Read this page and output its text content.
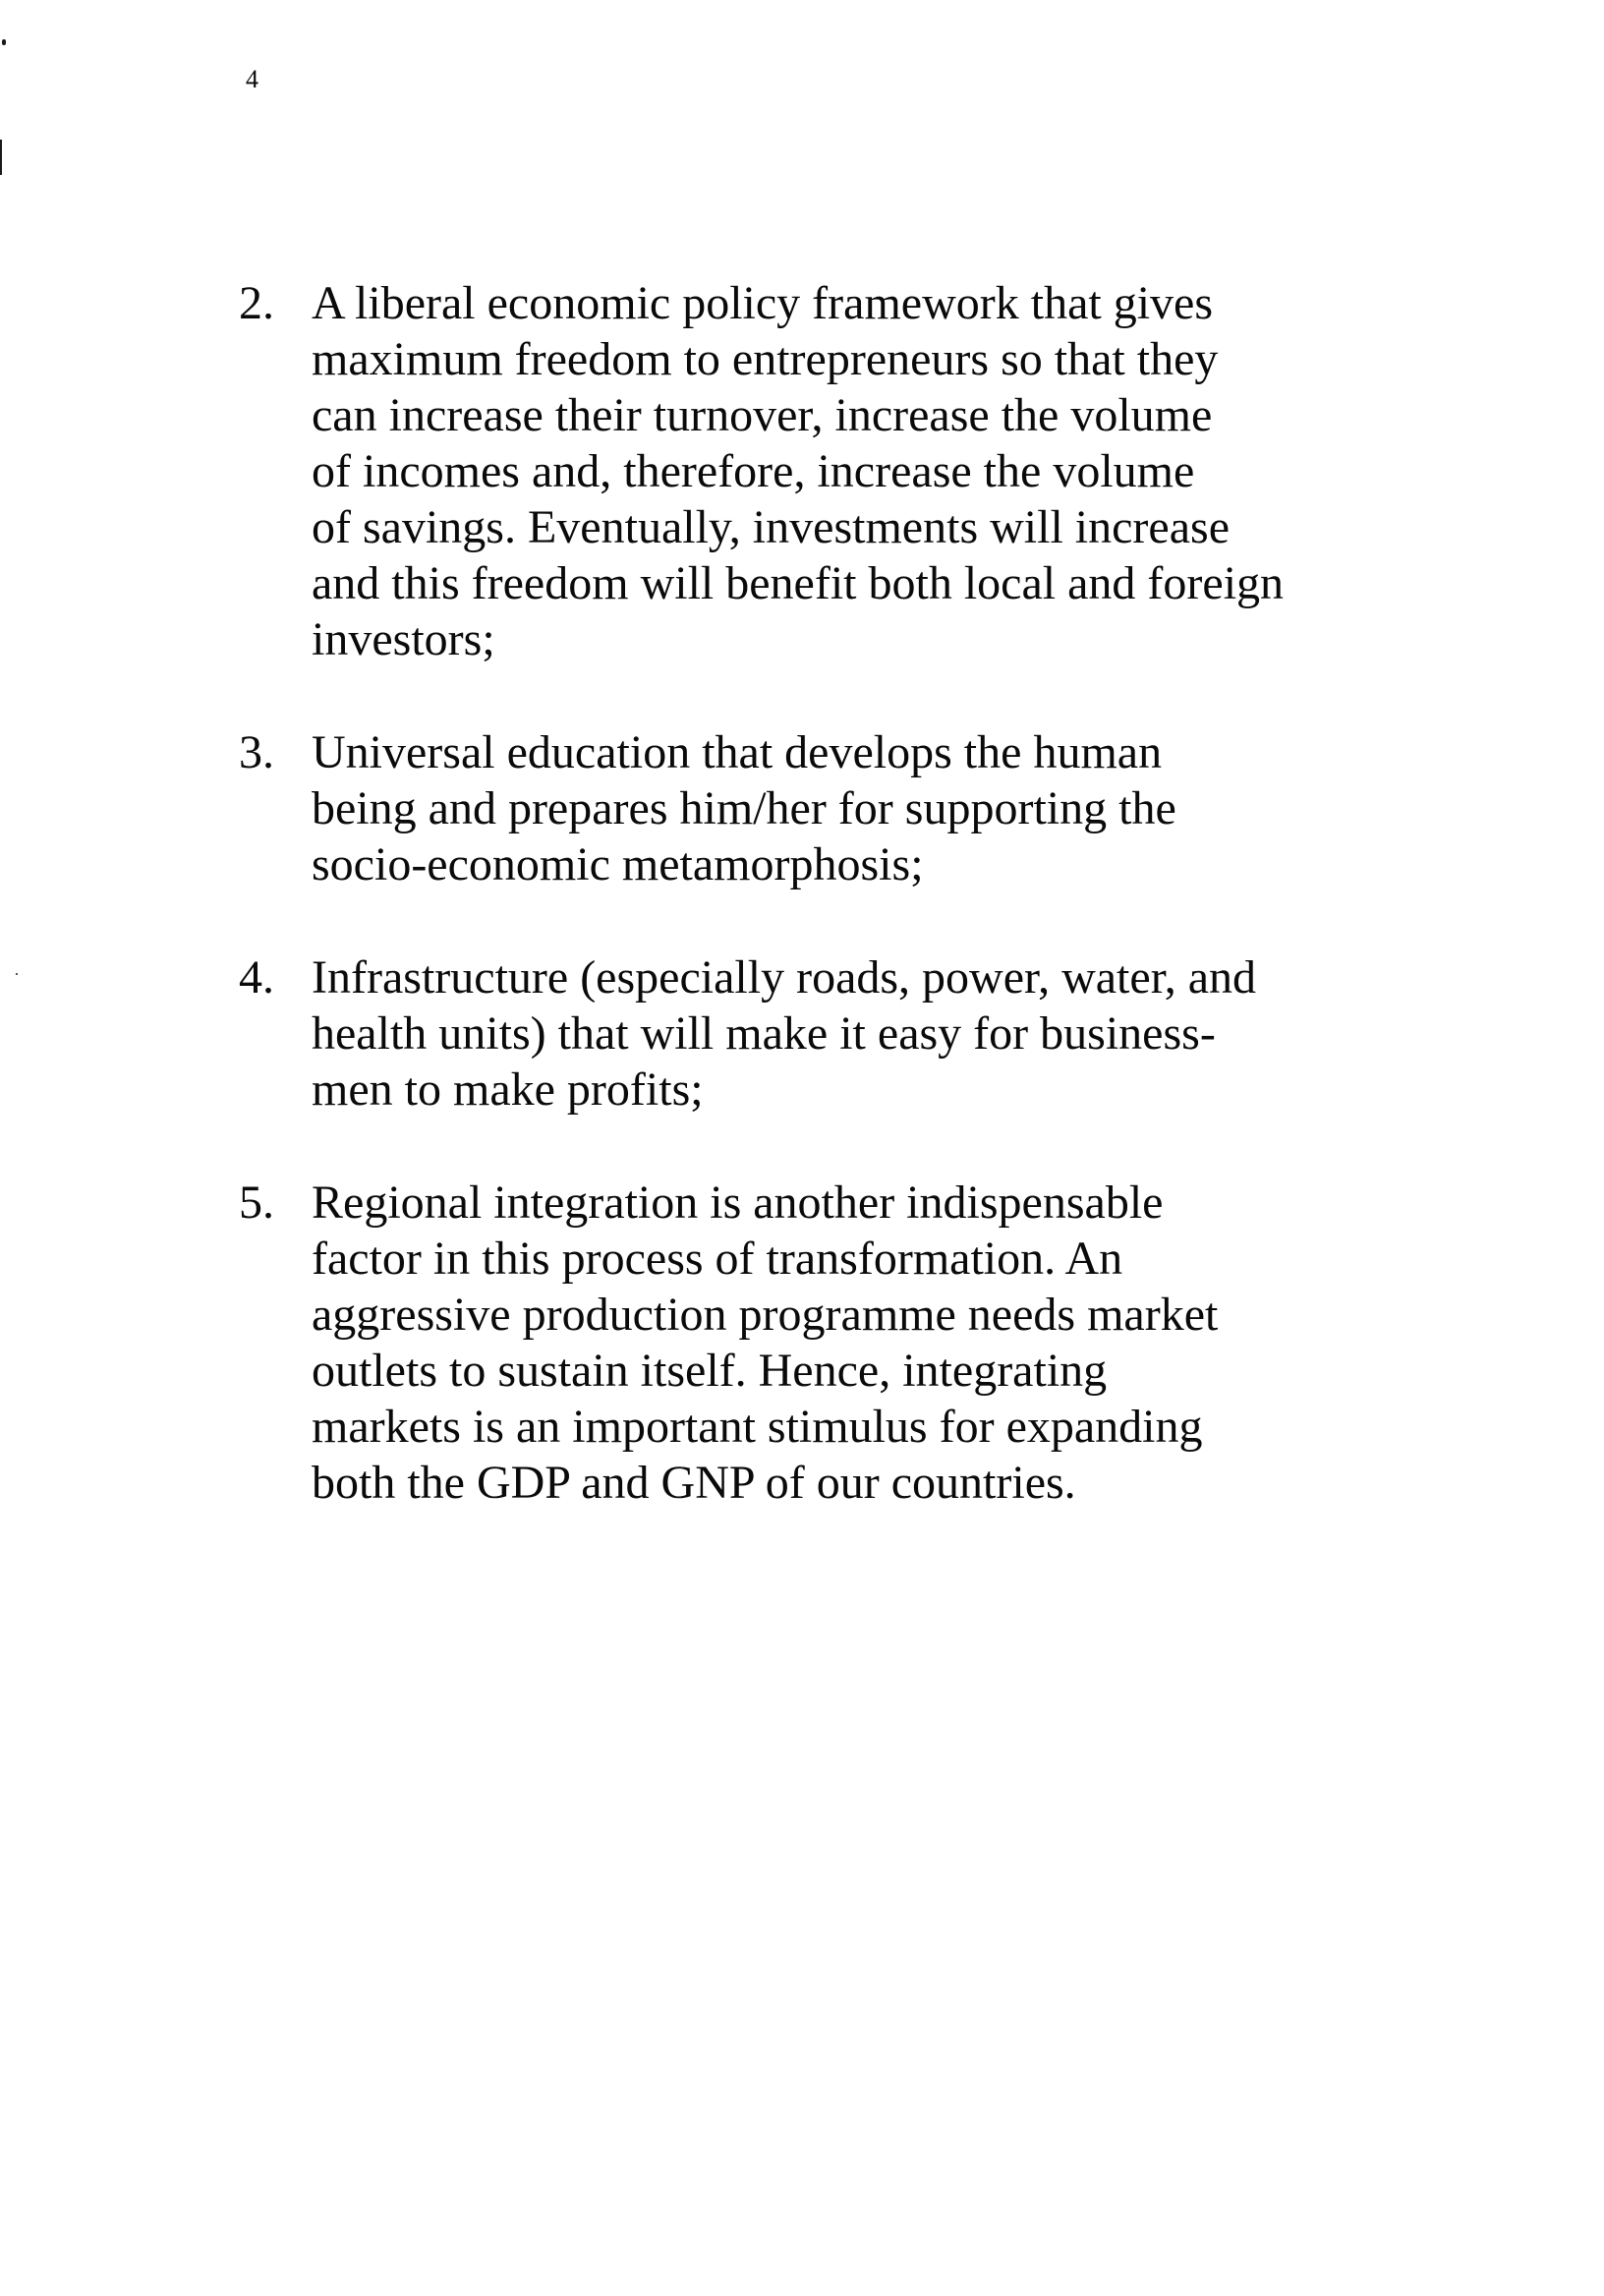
4
2. A liberal economic policy framework that gives
maximum freedom to entrepreneurs so that they
can increase their turnover, increase the volume
of incomes and, therefore, increase the volume
of savings. Eventually, investments will increase
and this freedom will benefit both local and foreign
investors;
3. Universal education that develops the human
being and prepares him/her for supporting the
socio-economic metamorphosis;
4. Infrastructure (especially roads, power, water, and
health units) that will make it easy for business-
men to make profits;
5. Regional integration is another indispensable
factor in this process of transformation. An
aggressive production programme needs market
outlets to sustain itself. Hence, integrating
markets is an important stimulus for expanding
both the GDP and GNP of our countries.
